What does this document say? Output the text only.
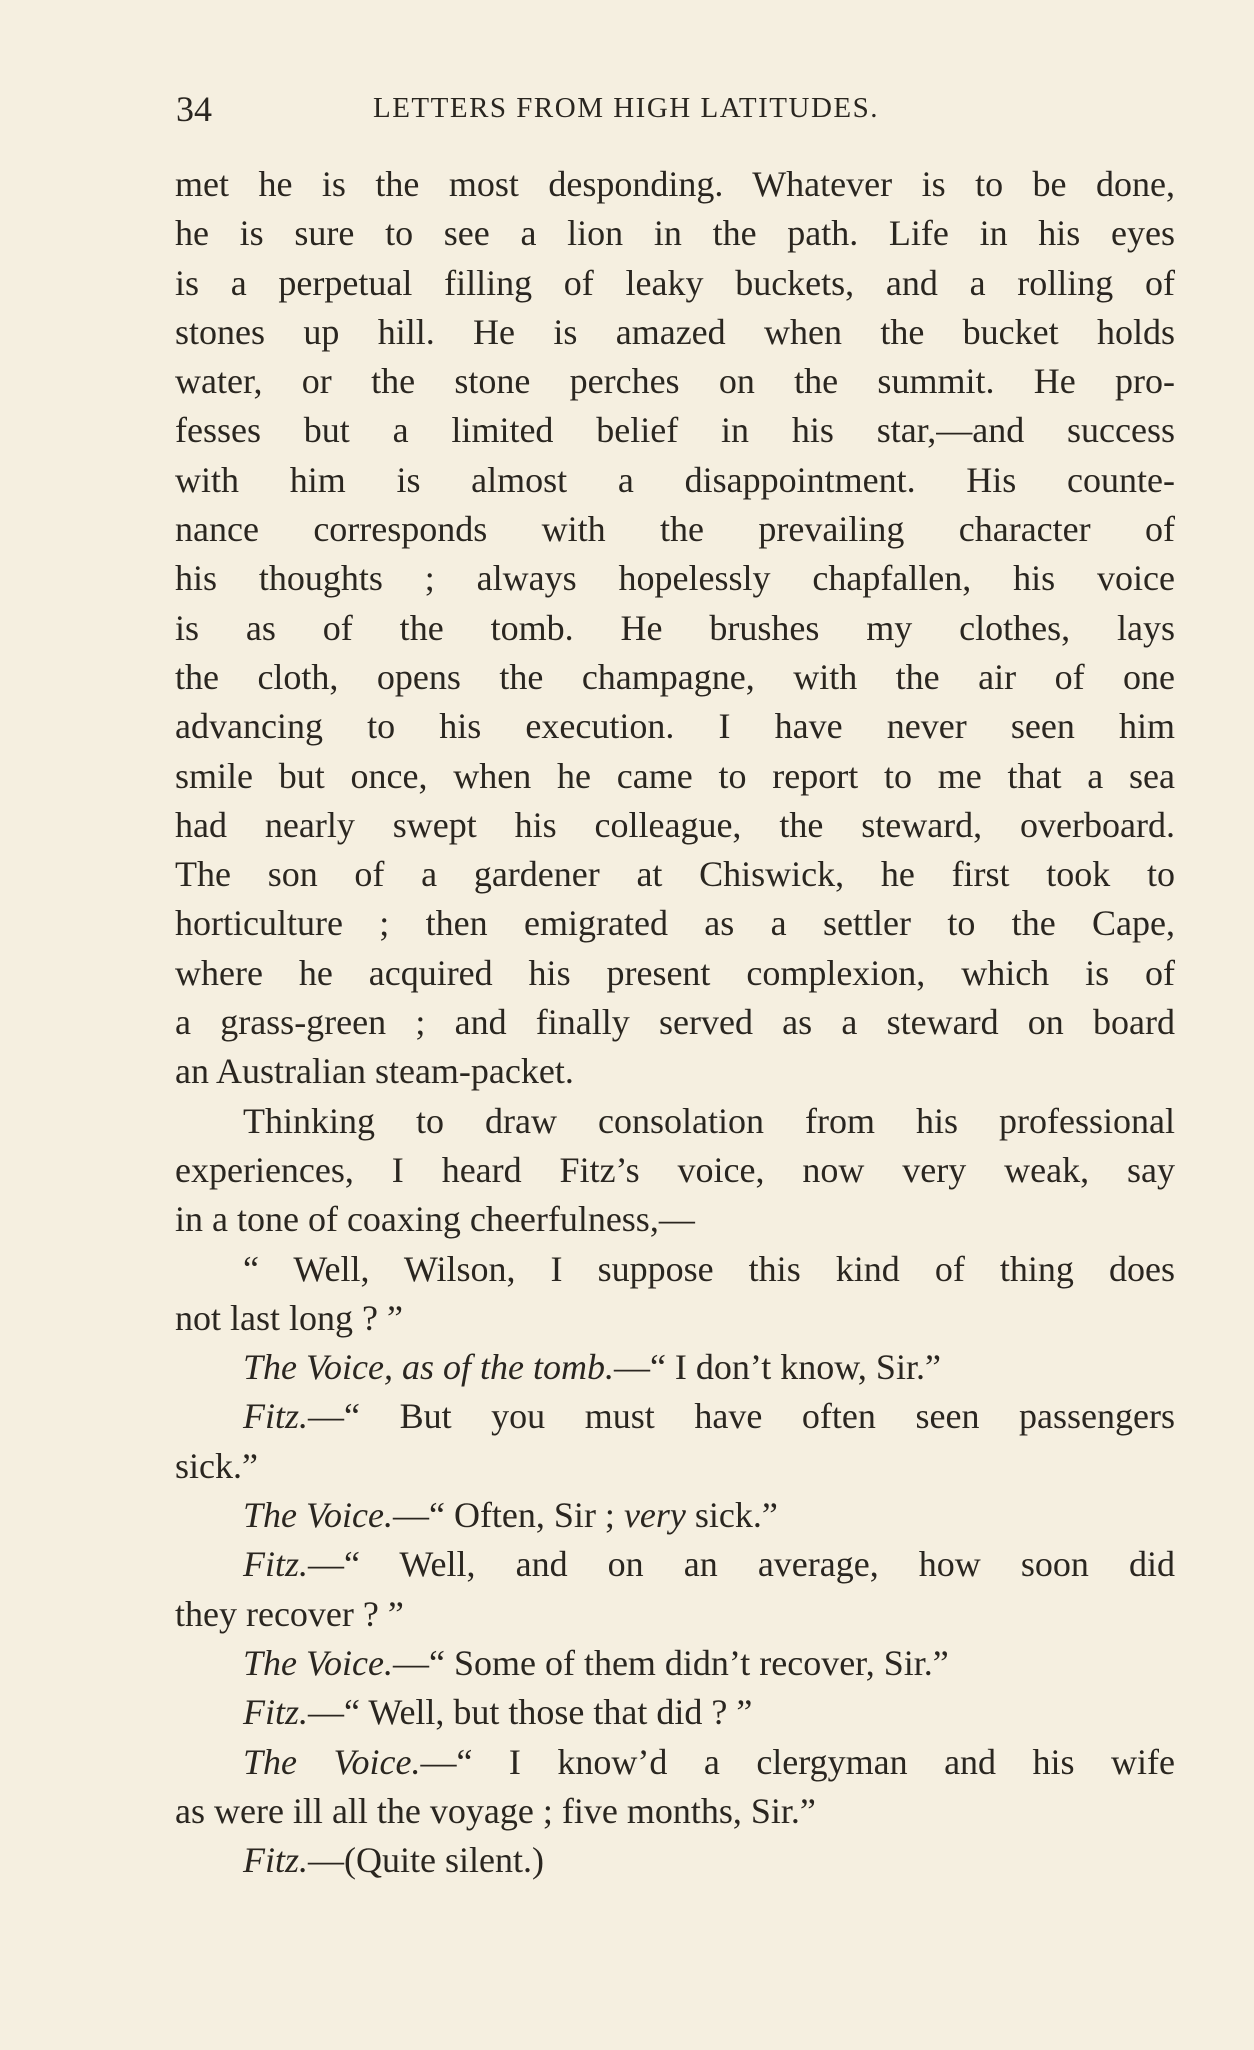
34	LETTERS FROM HIGH LATITUDES.
met he is the most desponding. Whatever is to be done,
he is sure to see a lion in the path. Life in his eyes
is a perpetual filling of leaky buckets, and a rolling of
stones up hill. He is amazed when the bucket holds
water, or the stone perches on the summit. He pro-
fesses but a limited belief in his star,—and success
with him is almost a disappointment. His counte-
nance corresponds with the prevailing character of
his thoughts ; always hopelessly chapfallen, his voice
is as of the tomb. He brushes my clothes, lays
the cloth, opens the champagne, with the air of one
advancing to his execution. I have never seen him
smile but once, when he came to report to me that a sea
had nearly swept his colleague, the steward, overboard.
The son of a gardener at Chiswick, he first took to
horticulture ; then emigrated as a settler to the Cape,
where he acquired his present complexion, which is of
a grass-green ; and finally served as a steward on board
an Australian steam-packet.
Thinking to draw consolation from his professional
experiences, I heard Fitz’s voice, now very weak, say
in a tone of coaxing cheerfulness,—
“ Well, Wilson, I suppose this kind of thing does
not last long ? ”
The Voice, as of the tomb.—“ I don’t know, Sir.”
Fitz.—“ But you must have often seen passengers
sick.”
The Voice.—“ Often, Sir ; very sick.”
Fitz.—“ Well, and on an average, how soon did
they recover ? ”
The Voice.—“ Some of them didn’t recover, Sir.”
Fitz.—“ Well, but those that did ? ”
The Voice.—“ I know’d a clergyman and his wife
as were ill all the voyage ; five months, Sir.”
Fitz.—(Quite silent.)
